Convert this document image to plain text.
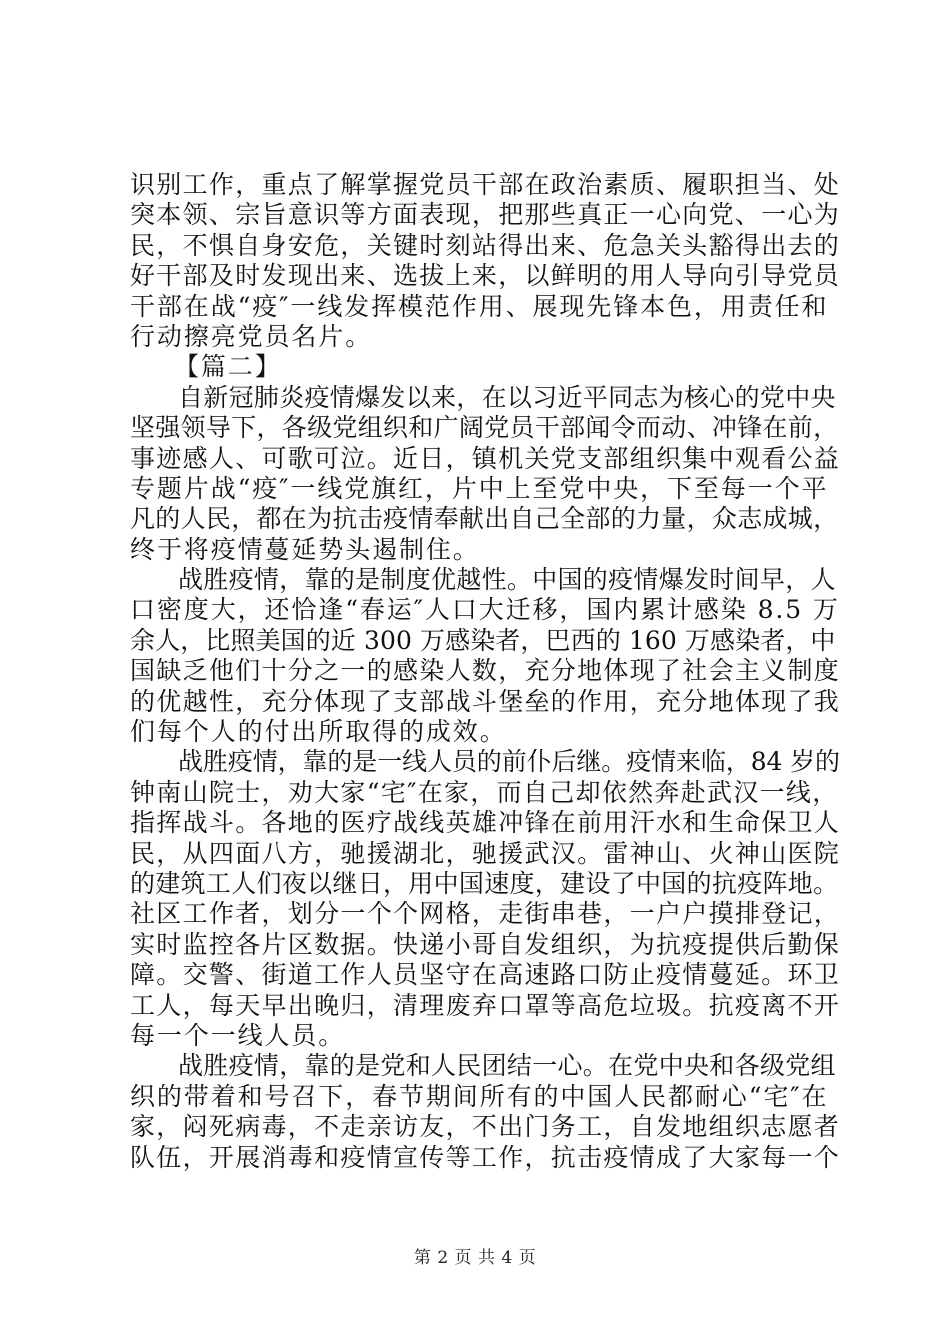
识别工作，重点了解掌握党员干部在政治素质、履职担当、处
突本领、宗旨意识等方面表现，把那些真正一心向党、一心为
民，不惧自身安危，关键时刻站得出来、危急关头豁得出去的
好干部及时发现出来、选拔上来，以鲜明的用人导向引导党员
干部在战“疫″一线发挥模范作用、展现先锋本色，用责任和
行动擦亮党员名片。
【篇二】
自新冠肺炎疫情爆发以来，在以习近平同志为核心的党中央
坚强领导下，各级党组织和广阔党员干部闻令而动、冲锋在前，
事迹感人、可歌可泣。近日，镇机关党支部组织集中观看公益
专题片战“疫″一线党旗红，片中上至党中央，下至每一个平
凡的人民，都在为抗击疫情奉献出自己全部的力量，众志成城，
终于将疫情蔓延势头遏制住。
战胜疫情，靠的是制度优越性。中国的疫情爆发时间早，人
口密度大，还恰逢“春运″人口大迁移，国内累计感染 8.5 万
余人，比照美国的近 300 万感染者，巴西的 160 万感染者，中
国缺乏他们十分之一的感染人数，充分地体现了社会主义制度
的优越性，充分体现了支部战斗堡垒的作用，充分地体现了我
们每个人的付出所取得的成效。
战胜疫情，靠的是一线人员的前仆后继。疫情来临，84 岁的
钟南山院士，劝大家“宅″在家，而自己却依然奔赴武汉一线，
指挥战斗。各地的医疗战线英雄冲锋在前用汗水和生命保卫人
民，从四面八方，驰援湖北，驰援武汉。雷神山、火神山医院
的建筑工人们夜以继日，用中国速度，建设了中国的抗疫阵地。
社区工作者，划分一个个网格，走街串巷，一户户摸排登记，
实时监控各片区数据。快递小哥自发组织，为抗疫提供后勤保
障。交警、街道工作人员坚守在高速路口防止疫情蔓延。环卫
工人，每天早出晚归，清理废弃口罩等高危垃圾。抗疫离不开
每一个一线人员。
战胜疫情，靠的是党和人民团结一心。在党中央和各级党组
织的带着和号召下，春节期间所有的中国人民都耐心“宅″在
家，闷死病毒，不走亲访友，不出门务工，自发地组织志愿者
队伍，开展消毒和疫情宣传等工作，抗击疫情成了大家每一个
第 2 页 共 4 页
